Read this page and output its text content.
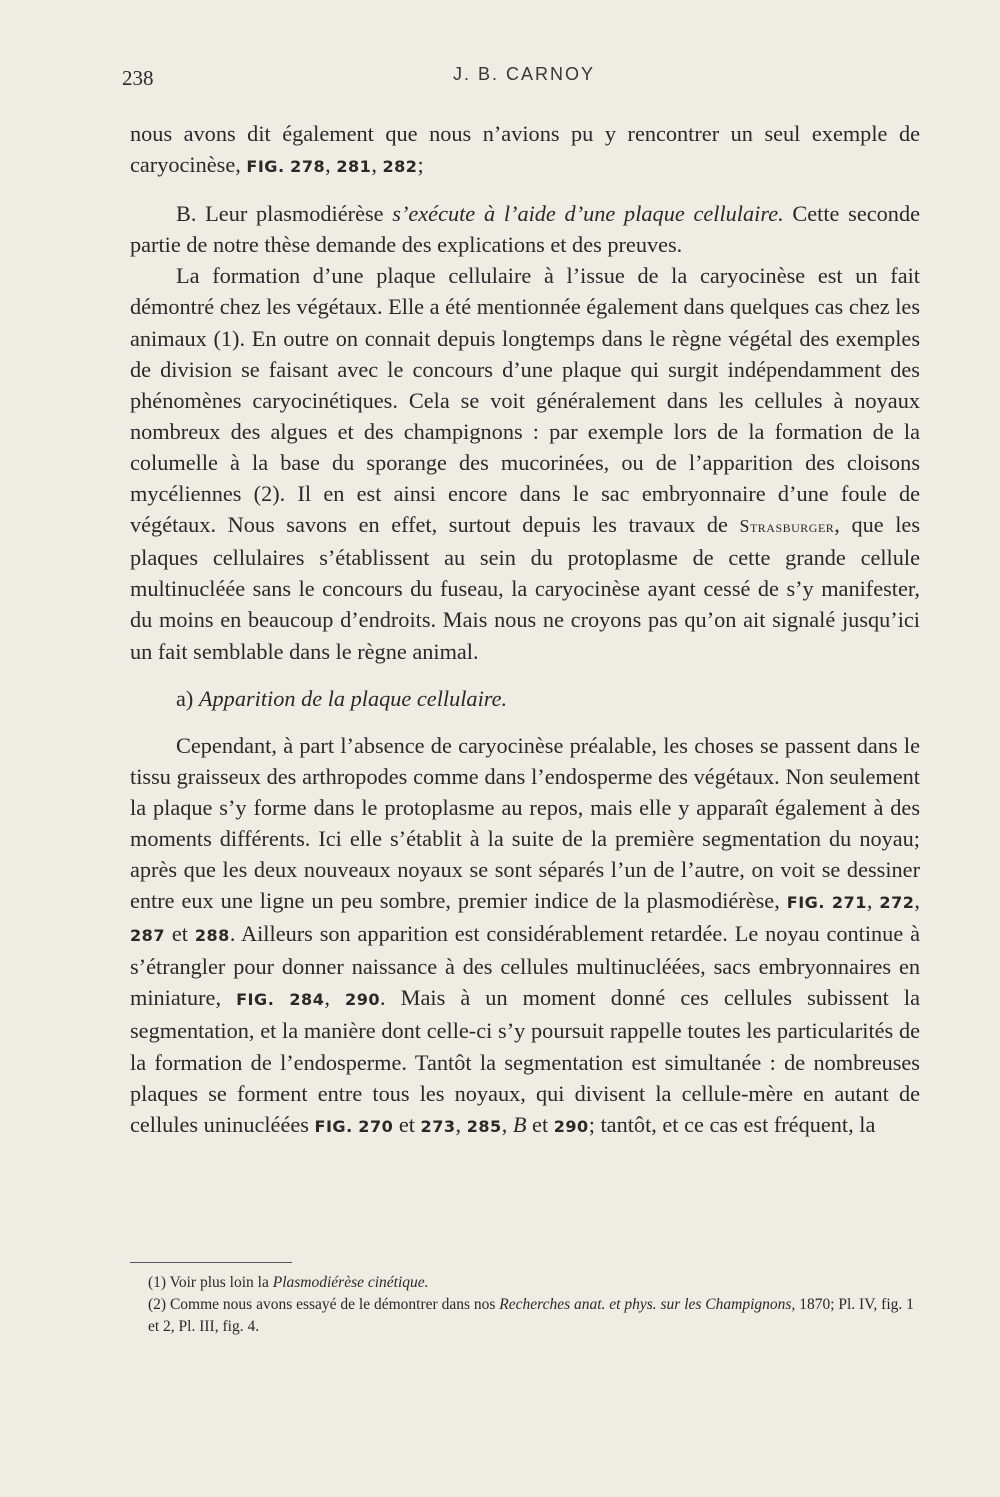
238	J. B. CARNOY

nous avons dit également que nous n’avions pu y rencontrer un seul exemple de caryocinèse, FIG. 278, 281, 282;

B. Leur plasmodiérèse s’exécute à l’aide d’une plaque cellulaire. Cette seconde partie de notre thèse demande des explications et des preuves.

La formation d’une plaque cellulaire à l’issue de la caryocinèse est un fait démontré chez les végétaux. Elle a été mentionnée également dans quelques cas chez les animaux (1). En outre on connait depuis longtemps dans le règne végétal des exemples de division se faisant avec le concours d’une plaque qui surgit indépendamment des phénomènes caryocinétiques. Cela se voit généralement dans les cellules à noyaux nombreux des algues et des champignons : par exemple lors de la formation de la columelle à la base du sporange des mucorinées, ou de l’apparition des cloisons mycéliennes (2). Il en est ainsi encore dans le sac embryonnaire d’une foule de végétaux. Nous savons en effet, surtout depuis les travaux de Strasburger, que les plaques cellulaires s’établissent au sein du protoplasme de cette grande cellule multinucléée sans le concours du fuseau, la caryocinèse ayant cessé de s’y manifester, du moins en beaucoup d’endroits. Mais nous ne croyons pas qu’on ait signalé jusqu’ici un fait semblable dans le règne animal.

a) Apparition de la plaque cellulaire.

Cependant, à part l’absence de caryocinèse préalable, les choses se passent dans le tissu graisseux des arthropodes comme dans l’endosperme des végétaux. Non seulement la plaque s’y forme dans le protoplasme au repos, mais elle y apparaît également à des moments différents. Ici elle s’établit à la suite de la première segmentation du noyau; après que les deux nouveaux noyaux se sont séparés l’un de l’autre, on voit se dessiner entre eux une ligne un peu sombre, premier indice de la plasmodiérèse, FIG. 271, 272, 287 et 288. Ailleurs son apparition est considérablement retardée. Le noyau continue à s’étrangler pour donner naissance à des cellules multinucléées, sacs embryonnaires en miniature, FIG. 284, 290. Mais à un moment donné ces cellules subissent la segmentation, et la manière dont celle-ci s’y poursuit rappelle toutes les particularités de la formation de l’endosperme. Tantôt la segmentation est simultanée : de nombreuses plaques se forment entre tous les noyaux, qui divisent la cellule-mère en autant de cellules uninucléées FIG. 270 et 273, 285, B et 290; tantôt, et ce cas est fréquent, la

(1) Voir plus loin la Plasmodiérèse cinétique.

(2) Comme nous avons essayé de le démontrer dans nos Recherches anat. et phys. sur les Champignons, 1870; Pl. IV, fig. 1 et 2, Pl. III, fig. 4.
